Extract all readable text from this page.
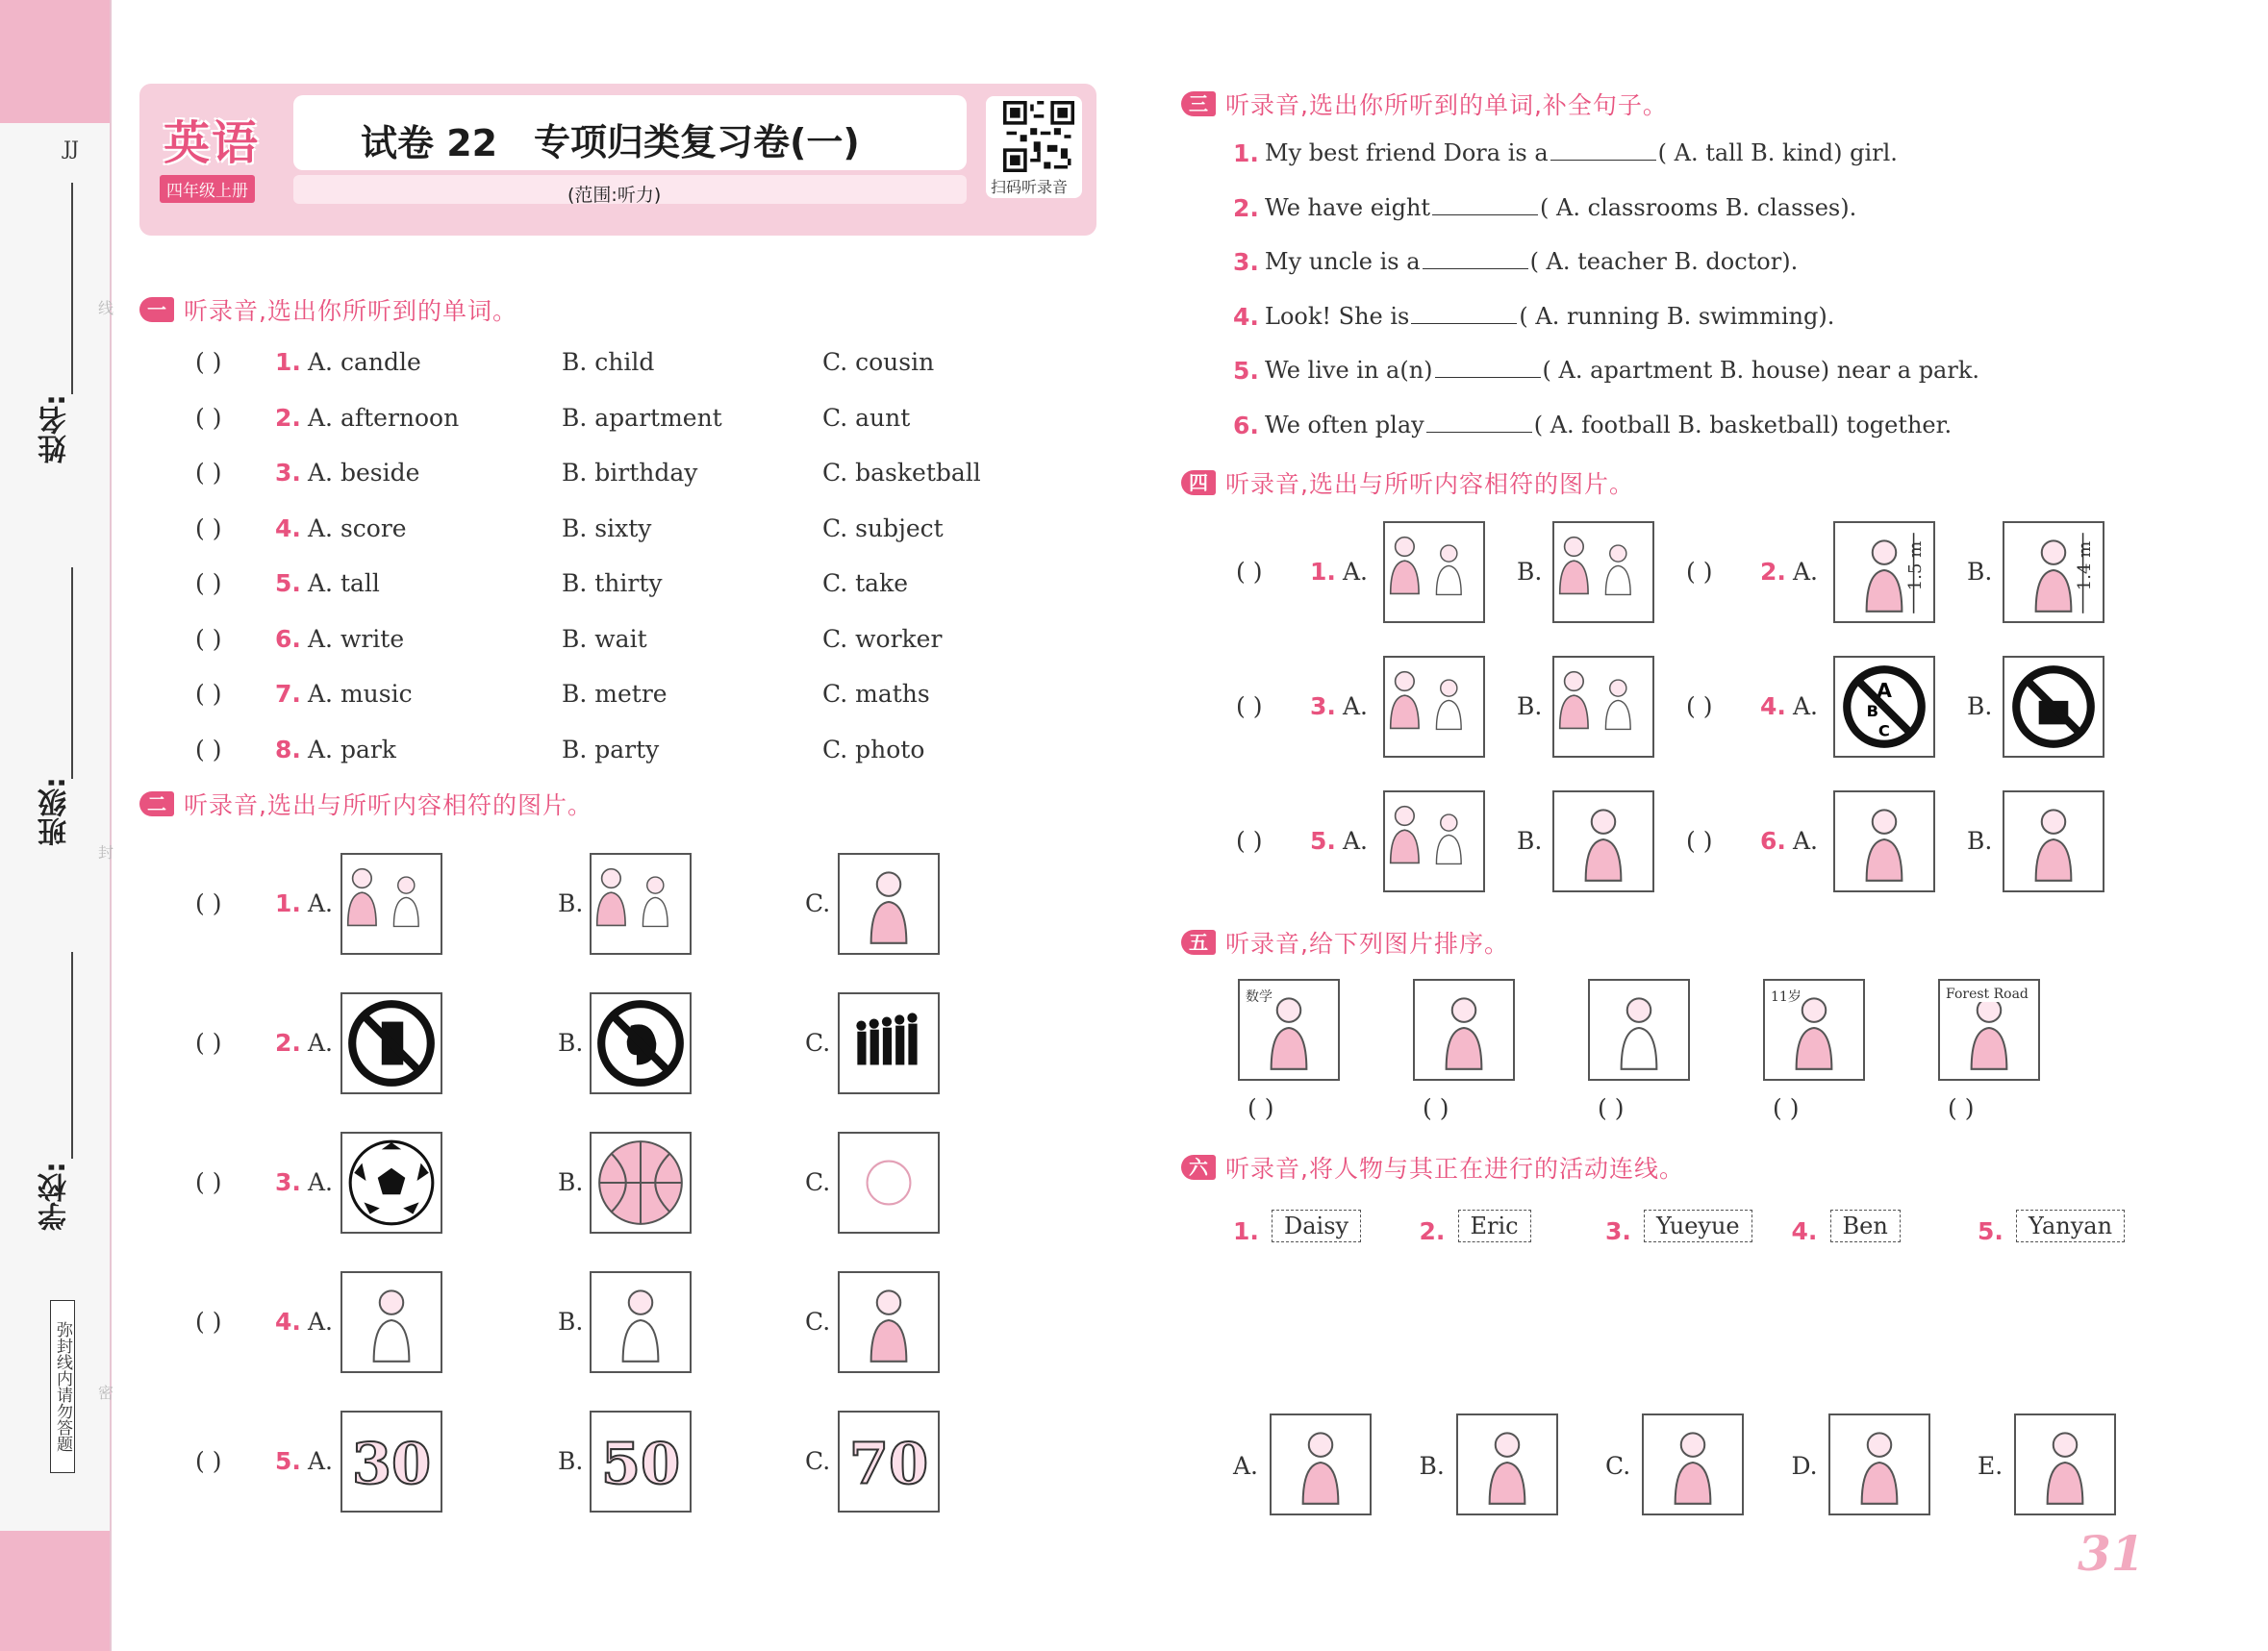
JJ
姓名:
班级:
学校:
线
封
密
弥封线内请勿答题
英语
四年级上册
试卷 22 专项归类复习卷(一)
(范围:听力)	扫码听录音
一 听录音,选出你所听到的单词。
( ) 1. A. candle	B. child	C. cousin
( ) 2. A. afternoon	B. apartment	C. aunt
( ) 3. A. beside	B. birthday	C. basketball
( ) 4. A. score	B. sixty	C. subject
( ) 5. A. tall	B. thirty	C. take
( ) 6. A. write	B. wait	C. worker
( ) 7. A. music	B. metre	C. maths
( ) 8. A. park	B. party	C. photo
二 听录音,选出与所听内容相符的图片。
( ) 1. A.	B.	C.
( ) 2. A.	B.	C.
( ) 3. A.	B.	C.
( ) 4. A.	B.	C.
( ) 5. A.	B.	C.
30	50	70
三 听录音,选出你所听到的单词,补全句子。
1. My best friend Dora is a	( A. tall B. kind) girl.
2. We have eight	( A. classrooms B. classes).
3. My uncle is a	( A. teacher B. doctor).
4. Look! She is	( A. running B. swimming).
5. We live in a(n)	( A. apartment B. house) near a park.
6. We often play	( A. football B. basketball) together.
四 听录音,选出与所听内容相符的图片。
( ) 1. A.	B.	( ) 2. A.	B.
1.5 m	1.4 m
( ) 3. A.	B.	( ) 4. A.	B.
A
B
C
( ) 5. A.	B.	( ) 6. A.	B.
五 听录音,给下列图片排序。
数学
( )	( )	( )
11岁
( )
Forest Road
( )
六 听录音,将人物与其正在进行的活动连线。
1.	Daisy	2.	Eric	3.	Yueyue	4.	Ben	5.	Yanyan
A.	B.	C.	D.	E.
31
